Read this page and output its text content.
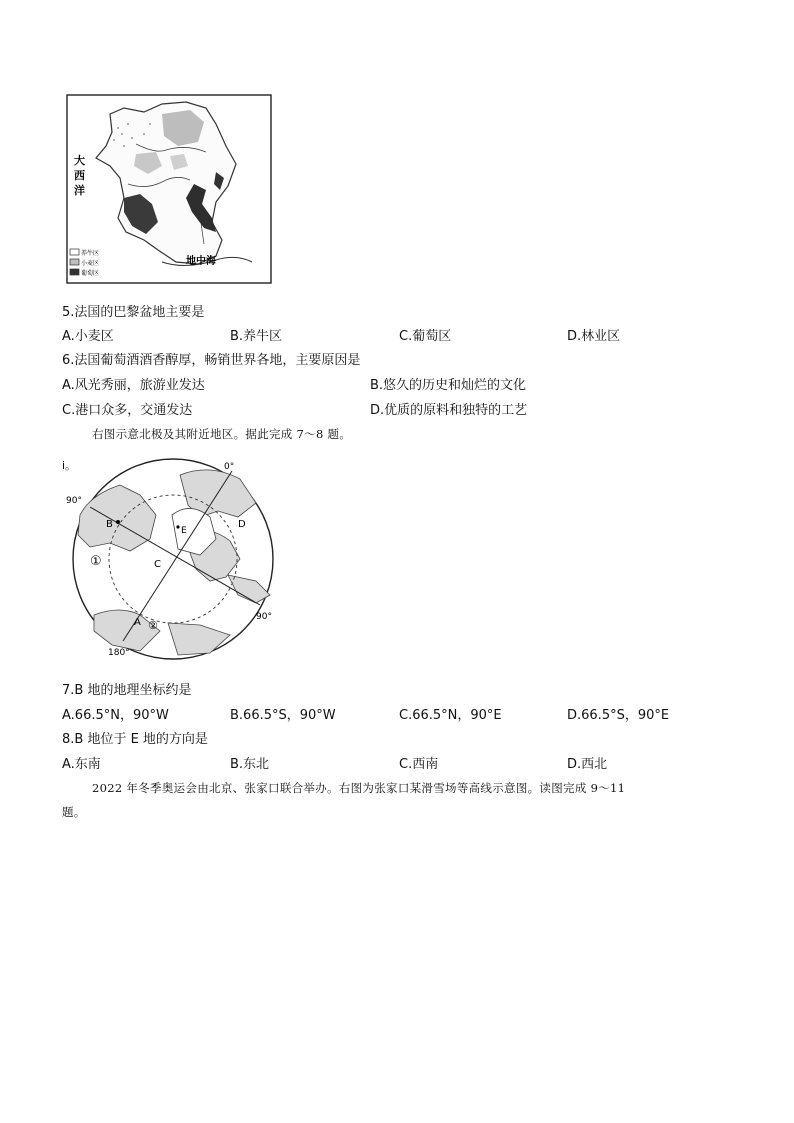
大
西
洋
地中海
养牛区
小麦区
葡萄区
5.法国的巴黎盆地主要是
A.小麦区	B.养牛区	C.葡萄区	D.林业区
6.法国葡萄酒酒香醇厚，畅销世界各地，主要原因是
A.风光秀丽，旅游业发达	B.悠久的历史和灿烂的文化
C.港口众多，交通发达	D.优质的原料和独特的工艺
右图示意北极及其附近地区。据此完成 7～8 题。
i。	0°
90°
90°
180°
B
C
D
E
A
①
②
7.B 地的地理坐标约是
A.66.5°N，90°W	B.66.5°S，90°W	C.66.5°N，90°E	D.66.5°S，90°E
8.B 地位于 E 地的方向是
A.东南	B.东北	C.西南	D.西北
2022 年冬季奥运会由北京、张家口联合举办。右图为张家口某滑雪场等高线示意图。读图完成 9～11
题。
